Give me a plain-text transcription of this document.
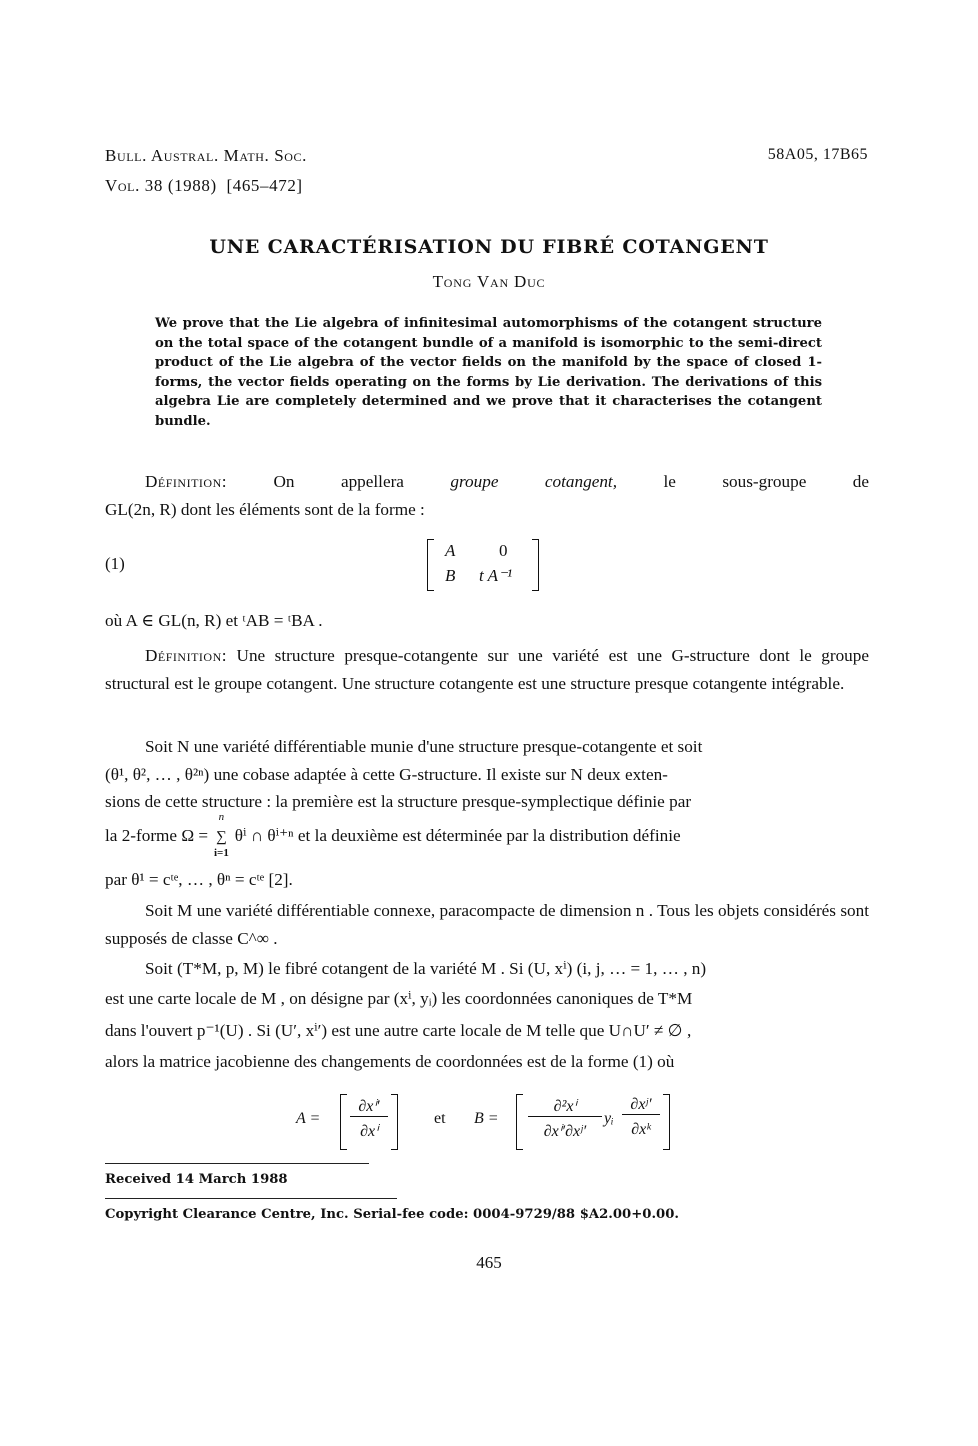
Bull. Austral. Math. Soc.
Vol. 38 (1988) [465–472]
58A05, 17B65
UNE CARACTÉRISATION DU FIBRÉ COTANGENT
Tong Van Duc
We prove that the Lie algebra of infinitesimal automorphisms of the cotangent structure on the total space of the cotangent bundle of a manifold is isomorphic to the semi-direct product of the Lie algebra of the vector fields on the manifold by the space of closed 1-forms, the vector fields operating on the forms by Lie derivation. The derivations of this algebra Lie are completely determined and we prove that it characterises the cotangent bundle.
Définition:	On appellera	groupe cotangent,	le sous-groupe de
GL(2n, R) dont les éléments sont de la forme :
(1)
A	0
B t A⁻¹
où A ∈ GL(n, R) et ᵗAB = ᵗBA .
Définition: Une structure presque-cotangente sur une variété est une G-structure dont le groupe structural est le groupe cotangent. Une structure cotangente est une structure presque cotangente intégrable.
Soit N une variété différentiable munie d'une structure presque-cotangente et soit
(θ¹, θ², … , θ²ⁿ) une cobase adaptée à cette G-structure. Il existe sur N deux exten-
sions de cette structure : la première est la structure presque-symplectique définie par
la 2-forme Ω =
n
∑
i=1
θⁱ ∩ θⁱ⁺ⁿ et la deuxième est déterminée par la distribution définie
par θ¹ = cᵗᵉ, … , θⁿ = cᵗᵉ [2].
Soit M une variété différentiable connexe, paracompacte de dimension n . Tous les objets considérés sont supposés de classe C^∞ .
Soit (T*M, p, M) le fibré cotangent de la variété M . Si (U, xⁱ) (i, j, … = 1, … , n)
est une carte locale de M , on désigne par (xⁱ, yᵢ) les coordonnées canoniques de T*M
dans l'ouvert p⁻¹(U) . Si (U′, xⁱ′) est une autre carte locale de M telle que U∩U′ ≠ ∅ ,
alors la matrice jacobienne des changements de coordonnées est de la forme (1) où
$A = \frac{\text{∂xⁱ′}}{\text{∂xⁱ}}$ et B =
∂²xⁱ
∂xⁱ′∂xʲ′
yᵢ
∂xʲ′
∂xᵏ
Received 14 March 1988
Copyright Clearance Centre, Inc. Serial-fee code: 0004-9729/88 $A2.00+0.00.
465
